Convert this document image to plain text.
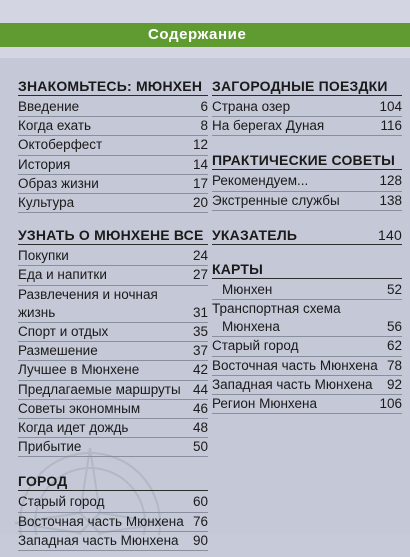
Содержание
ЗНАКОМЬТЕСЬ: МЮНХЕН
Введение	6
Когда ехать	8
Октоберфест	12
История	14
Образ жизни	17
Культура	20
УЗНАТЬ О МЮНХЕНЕ ВСЕ
Покупки	24
Еда и напитки	27
Развлечения и ночная
жизнь	31
Спорт и отдых	35
Размешение	37
Лучшее в Мюнхене	42
Предлагаемые маршруты 44
Советы экономным	46
Когда идет дождь	48
Прибытие	50
ГОРОД
Старый город	60
Восточная часть Мюнхена 76
Западная часть Мюнхена	90
ЗАГОРОДНЫЕ ПОЕЗДКИ
Страна озер	104
На берегах Дуная	116
ПРАКТИЧЕСКИЕ СОВЕТЫ
Рекомендуем...	128
Экстренные службы	138
УКАЗАТЕЛЬ	140
КАРТЫ
Мюнхен	52
Транспортная схема
Мюнхена	56
Старый город	62
Восточная часть Мюнхена 78
Западная часть Мюнхена	92
Регион Мюнхена	106
